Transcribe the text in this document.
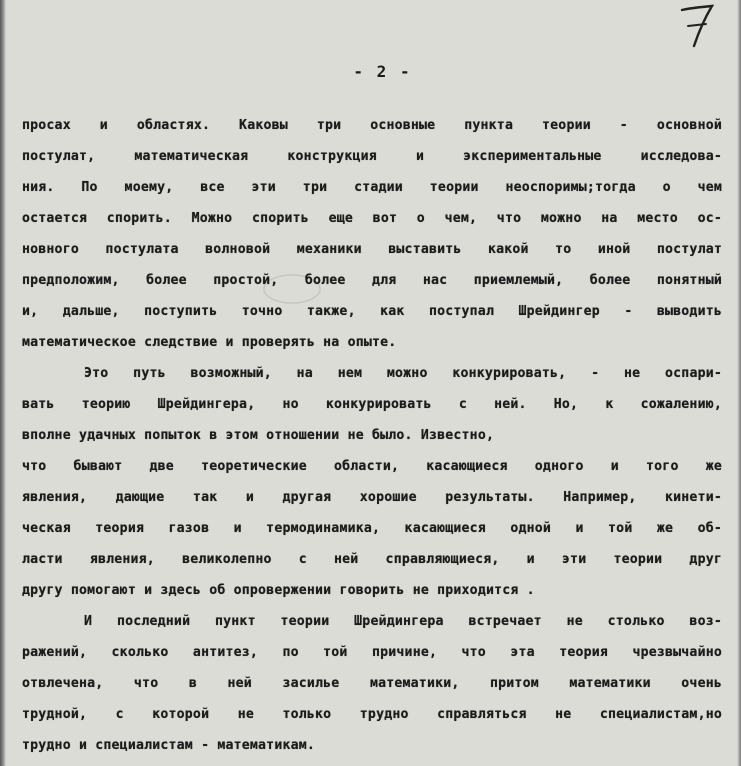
- 2 -
просах и областях. Каковы три основные пункта теории - основной
постулат, математическая конструкция и экспериментальные исследова-
ния. По моему, все эти три стадии теории неоспоримы;тогда о чем
остается спорить. Можно спорить еще вот о чем, что можно на место ос-
новного постулата волновой механики выставить какой то иной постулат
предположим, более простой, более для нас приемлемый, более понятный
и, дальше, поступить точно также, как поступал Шрейдингер - выводить
математическое следствие и проверять на опыте.
Это путь возможный, на нем можно конкурировать, - не оспари-
вать теорию Шрейдингера, но конкурировать с ней. Но, к сожалению,
вполне удачных попыток в этом отношении не было. Известно,
что бывают две теоретические области, касающиеся одного и того же
явления, дающие так и другая хорошие результаты. Например, кинети-
ческая теория газов и термодинамика, касающиеся одной и той же об-
ласти явления, великолепно с ней справляющиеся, и эти теории друг
другу помогают и здесь об опровержении говорить не приходится .
И последний пункт теории Шрейдингера встречает не столько воз-
ражений, сколько антитез, по той причине, что эта теория чрезвычайно
отвлечена, что в ней засилье математики, притом математики очень
трудной, с которой не только трудно справляться не специалистам,но
трудно и специалистам - математикам.
